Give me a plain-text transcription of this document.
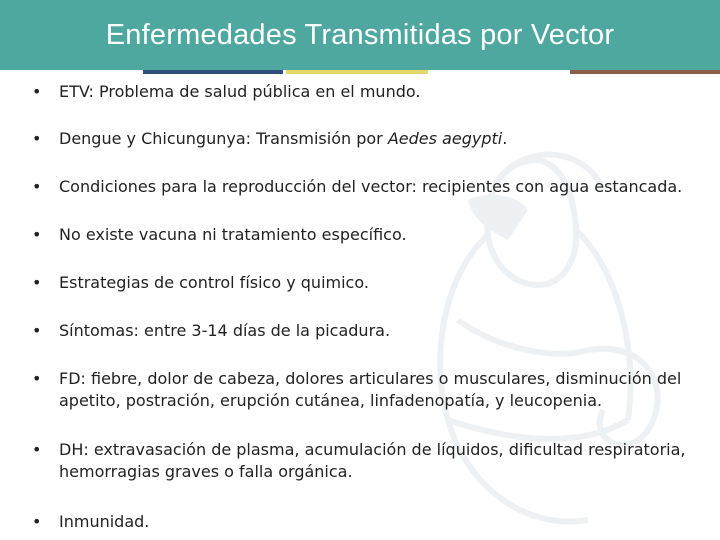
Enfermedades Transmitidas por Vector
•	ETV: Problema de salud pública en el mundo.
•	Dengue y Chicungunya: Transmisión por Aedes aegypti.
•	Condiciones para la reproducción del vector: recipientes con agua estancada.
•	No existe vacuna ni tratamiento específico.
•	Estrategias de control físico y quimico.
•	Síntomas: entre 3-14 días de la picadura.
•	FD: fiebre, dolor de cabeza, dolores articulares o musculares, disminución del apetito, postración, erupción cutánea, linfadenopatía, y leucopenia.
•	DH: extravasación de plasma, acumulación de líquidos, dificultad respiratoria, hemorragias graves o falla orgánica.
•	Inmunidad.
